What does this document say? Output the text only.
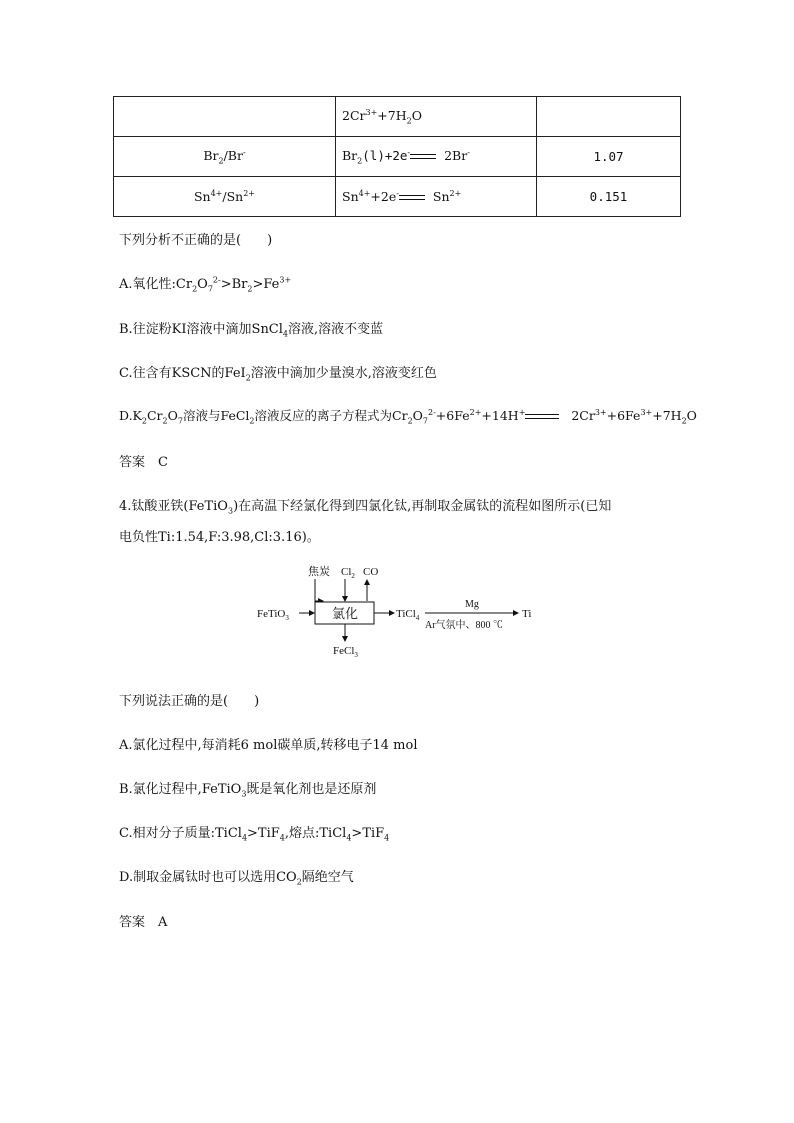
	$2Cr^{3+}+7H_2O$	
$Br_2/Br^-$	$Br_2(l)+2e^-$ 2Br-	1.07
$Sn^{4+}/Sn^{2+}$	$Sn^{4+}+2e^-$ $Sn^{2+}$	0.151
下列分析不正确的是(　　)
A.氧化性$:Cr_2O_7^{2-}>Br_2>Fe^{3+}$
B.往淀粉KI溶液中滴加SnCl$_4$溶液,溶液不变蓝
C.往含有KSCN的FeI$_2$溶液中滴加少量溴水,溶液变红色
$D.K_2Cr_2O_7$溶液与FeCl$_2$溶液反应的离子方程式为$Cr_2O_7^{2-}+6Fe^{2+}+14H^+$	$2Cr^{3+}+6Fe^{3+}+7H_2O$
答案　C
4.钛酸亚铁(FeTiO$_3$)在高温下经氯化得到四氯化钛,再制取金属钛的流程如图所示(已知
电负性Ti:1.54,F:3.98,Cl:3.16)。
FeTiO$_3$
焦炭 $Cl_2$ CO
氯化	TiCl$_4$
Mg
Ar气氛中、800 ℃
Ti
FeCl$_3$
下列说法正确的是(　　)
A.氯化过程中,每消耗6 mol碳单质,转移电子14 mol
B.氯化过程中,FeTiO$_3$既是氧化剂也是还原剂
C.相对分子质量:TiCl$_4$>TiF$_4$,熔点:TiCl$_4$>TiF$_4$
D.制取金属钛时也可以选用$CO_2$隔绝空气
答案　A
